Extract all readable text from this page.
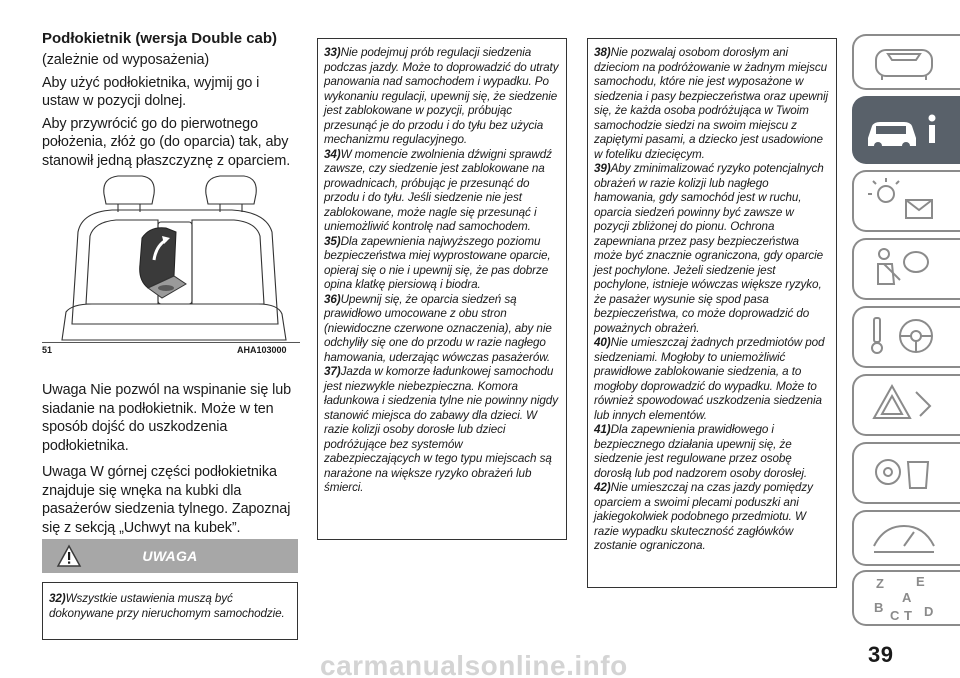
Podłokietnik (wersja Double cab)

(zależnie od wyposażenia)

Aby użyć podłokietnika, wyjmij go i ustaw w pozycji dolnej.

Aby przywrócić go do pierwotnego położenia, złóż go (do oparcia) tak, aby stanowił jedną płaszczyznę z oparciem.

51	AHA103000

Uwaga Nie pozwól na wspinanie się lub siadanie na podłokietnik. Może w ten sposób dojść do uszkodzenia podłokietnika.

Uwaga W górnej części podłokietnika znajduje się wnęka na kubki dla pasażerów siedzenia tylnego. Zapoznaj się z sekcją „Uchwyt na kubek”.

UWAGA

32)Wszystkie ustawienia muszą być dokonywane przy nieruchomym samochodzie.

33)Nie podejmuj prób regulacji siedzenia podczas jazdy. Może to doprowadzić do utraty panowania nad samochodem i wypadku. Po wykonaniu regulacji, upewnij się, że siedzenie jest zablokowane w pozycji, próbując przesunąć je do przodu i do tyłu bez użycia mechanizmu regulacyjnego.

34)W momencie zwolnienia dźwigni sprawdź zawsze, czy siedzenie jest zablokowane na prowadnicach, próbując je przesunąć do przodu i do tyłu. Jeśli siedzenie nie jest zablokowane, może nagle się przesunąć i uniemożliwić kontrolę nad samochodem.

35)Dla zapewnienia najwyższego poziomu bezpieczeństwa miej wyprostowane oparcie, opieraj się o nie i upewnij się, że pas dobrze opina klatkę piersiową i biodra.

36)Upewnij się, że oparcia siedzeń są prawidłowo umocowane z obu stron (niewidoczne czerwone oznaczenia), aby nie odchyliły się one do przodu w razie nagłego hamowania, uderzając wówczas pasażerów.

37)Jazda w komorze ładunkowej samochodu jest niezwykle niebezpieczna. Komora ładunkowa i siedzenia tylne nie powinny nigdy stanowić miejsca do zabawy dla dzieci. W razie kolizji osoby dorosłe lub dzieci podróżujące bez systemów zabezpieczających w tego typu miejscach są narażone na większe ryzyko obrażeń lub śmierci.

38)Nie pozwalaj osobom dorosłym ani dzieciom na podróżowanie w żadnym miejscu samochodu, które nie jest wyposażone w siedzenia i pasy bezpieczeństwa oraz upewnij się, że każda osoba podróżująca w Twoim samochodzie siedzi na swoim miejscu z zapiętymi pasami, a dziecko jest usadowione w foteliku dziecięcym.

39)Aby zminimalizować ryzyko potencjalnych obrażeń w razie kolizji lub nagłego hamowania, gdy samochód jest w ruchu, oparcia siedzeń powinny być zawsze w pozycji zbliżonej do pionu. Ochrona zapewniana przez pasy bezpieczeństwa może być znacznie ograniczona, gdy oparcie jest pochylone. Jeżeli siedzenie jest pochylone, istnieje wówczas większe ryzyko, że pasażer wysunie się spod pasa bezpieczeństwa, co może doprowadzić do poważnych obrażeń.

40)Nie umieszczaj żadnych przedmiotów pod siedzeniami. Mogłoby to uniemożliwić prawidłowe zablokowanie siedzenia, a to mogłoby doprowadzić do wypadku. Może to również spowodować uszkodzenia siedzenia lub innych elementów.

41)Dla zapewnienia prawidłowego i bezpiecznego działania upewnij się, że siedzenie jest regulowane przez osobę dorosłą lub pod nadzorem osoby dorosłej.

42)Nie umieszczaj na czas jazdy pomiędzy oparciem a swoimi plecami poduszki ani jakiegokolwiek podobnego przedmiotu. W razie wypadku skuteczność zagłówków zostanie ograniczona.

Z E
A
B
C T D
39
carmanualsonline.info
